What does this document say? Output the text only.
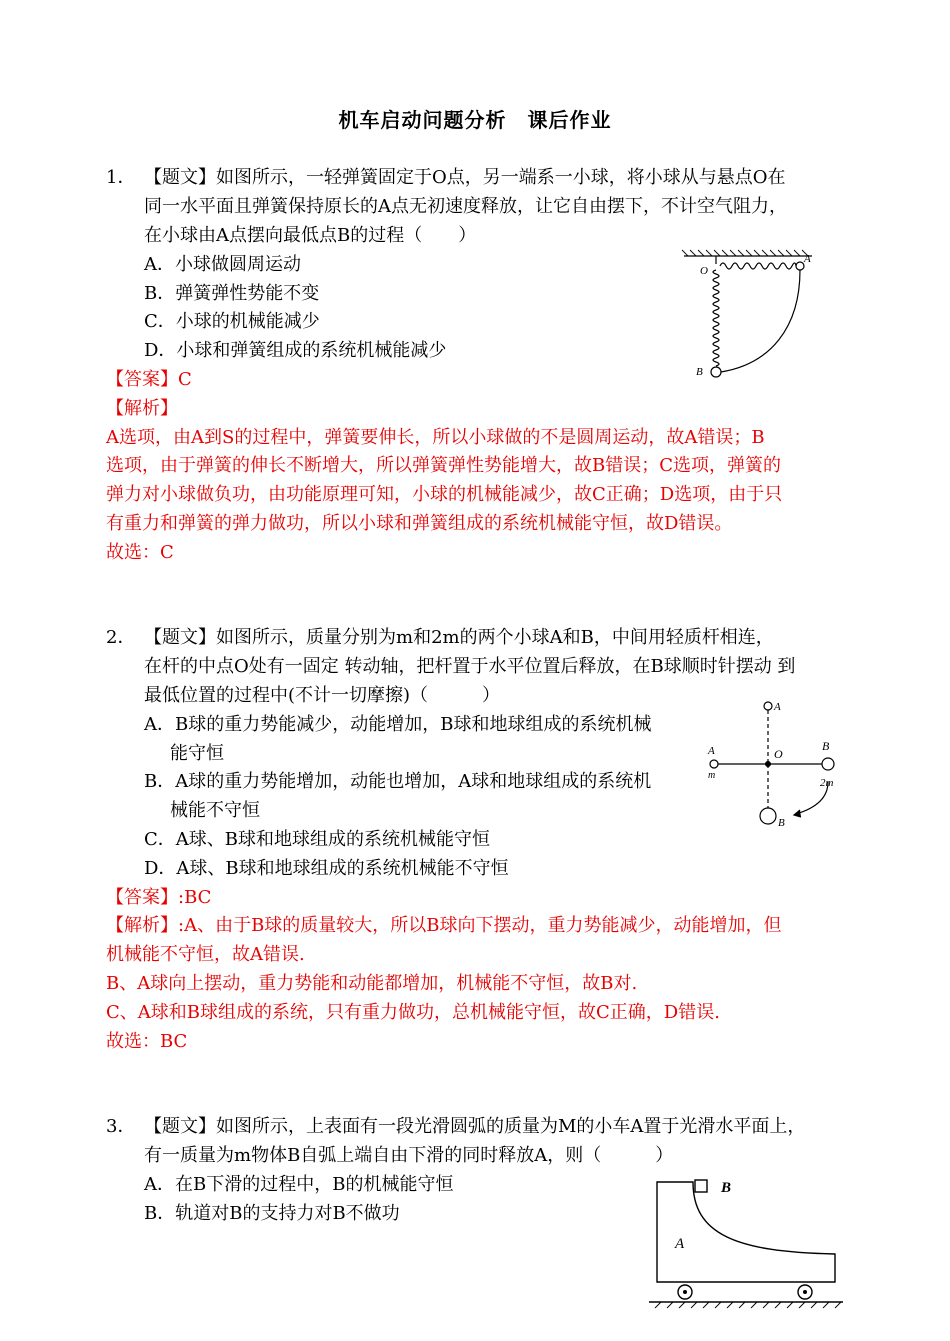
机车启动问题分析　课后作业
1． 【题文】如图所示，一轻弹簧固定于O点，另一端系一小球，将小球从与悬点O在
同一水平面且弹簧保持原长的A点无初速度释放，让它自由摆下，不计空气阻力，
在小球由A点摆向最低点B的过程（　　）
A．小球做圆周运动
B．弹簧弹性势能不变
C．小球的机械能减少
D．小球和弹簧组成的系统机械能减少
【答案】C
【解析】
A选项，由A到S的过程中，弹簧要伸长，所以小球做的不是圆周运动，故A错误；B
选项，由于弹簧的伸长不断增大，所以弹簧弹性势能增大，故B错误；C选项，弹簧的
弹力对小球做负功，由功能原理可知，小球的机械能减少，故C正确；D选项，由于只
有重力和弹簧的弹力做功，所以小球和弹簧组成的系统机械能守恒，故D错误。
故选：C
O
A
B
2． 【题文】如图所示，质量分别为m和2m的两个小球A和B，中间用轻质杆相连，
在杆的中点O处有一固定 转动轴，把杆置于水平位置后释放，在B球顺时针摆动 到
最低位置的过程中(不计一切摩擦)（　　　）
A．B球的重力势能减少，动能增加，B球和地球组成的系统机械
能守恒
B．A球的重力势能增加，动能也增加，A球和地球组成的系统机
械能不守恒
C．A球、B球和地球组成的系统机械能守恒
D．A球、B球和地球组成的系统机械能不守恒
【答案】:BC
【解析】:A、由于B球的质量较大，所以B球向下摆动，重力势能减少，动能增加，但
机械能不守恒，故A错误.
B、A球向上摆动，重力势能和动能都增加，机械能不守恒，故B对.
C、A球和B球组成的系统，只有重力做功，总机械能守恒，故C正确，D错误.
故选：BC
A
A
m
O
B
2m
B
3． 【题文】如图所示，上表面有一段光滑圆弧的质量为M的小车A置于光滑水平面上，
有一质量为m物体B自弧上端自由下滑的同时释放A，则（　　　）
A．在B下滑的过程中，B的机械能守恒
B．轨道对B的支持力对B不做功
A
B
